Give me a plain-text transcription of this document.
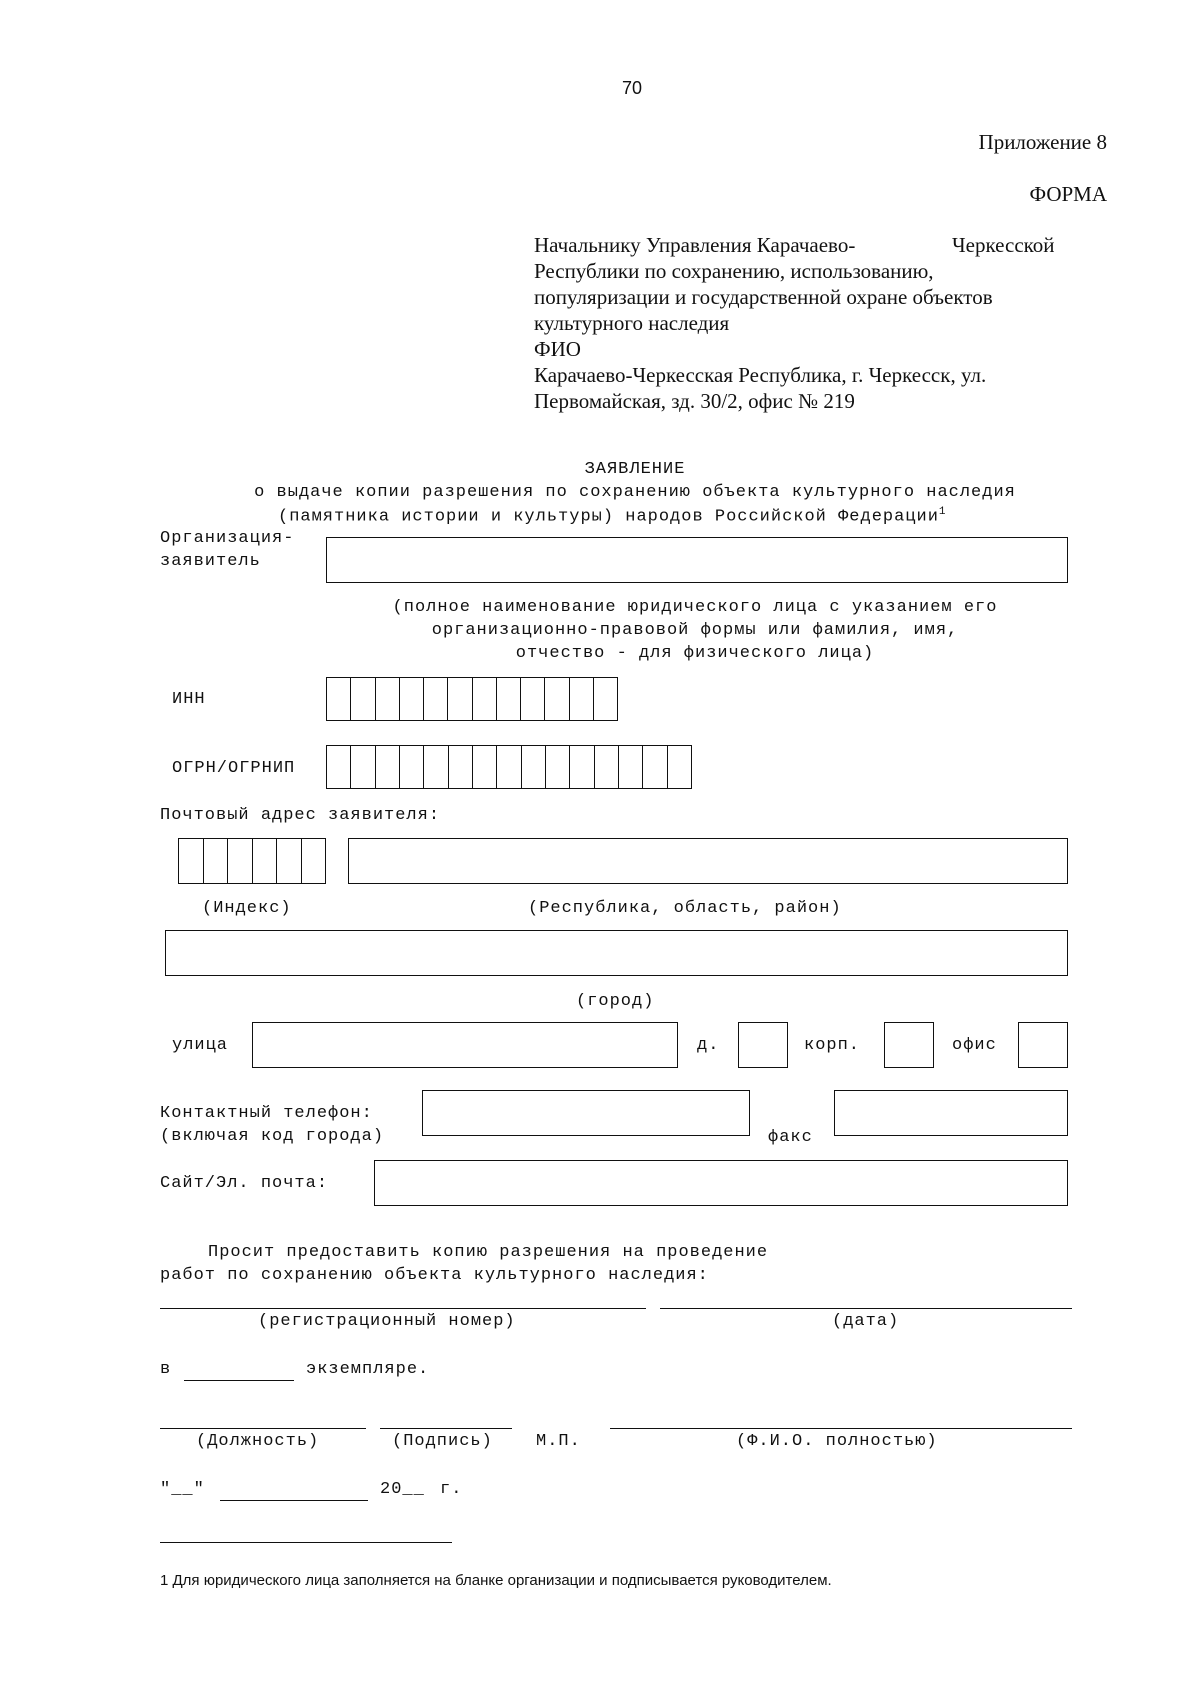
70
Приложение 8
ФОРМА
Начальнику Управления Карачаево-	Черкесской
Республики по сохранению, использованию,
популяризации и государственной охране объектов
культурного наследия
ФИО
Карачаево-Черкесская Республика, г. Черкесск, ул.
Первомайская, зд. 30/2, офис № 219
ЗАЯВЛЕНИЕ
о выдаче копии разрешения по сохранению объекта культурного наследия
(памятника истории и культуры) народов Российской Федерации$^1$
Организация-
заявитель
(полное наименование юридического лица с указанием его
организационно-правовой формы или фамилия, имя,
отчество - для физического лица)
ИНН
ОГРН/ОГРНИП
Почтовый адрес заявителя:
(Индекс)	(Республика, область, район)
(город)
улица	д.	корп.	офис
Контактный телефон:
(включая код города)	факс
Сайт/Эл. почта:
Просит предоставить копию разрешения на проведение
работ по сохранению объекта культурного наследия:
(регистрационный номер)	(дата)
в	экземпляре.
(Должность)	(Подпись)	М.П.	(Ф.И.О. полностью)
"__"	20__ г.
1 Для юридического лица заполняется на бланке организации и подписывается руководителем.
